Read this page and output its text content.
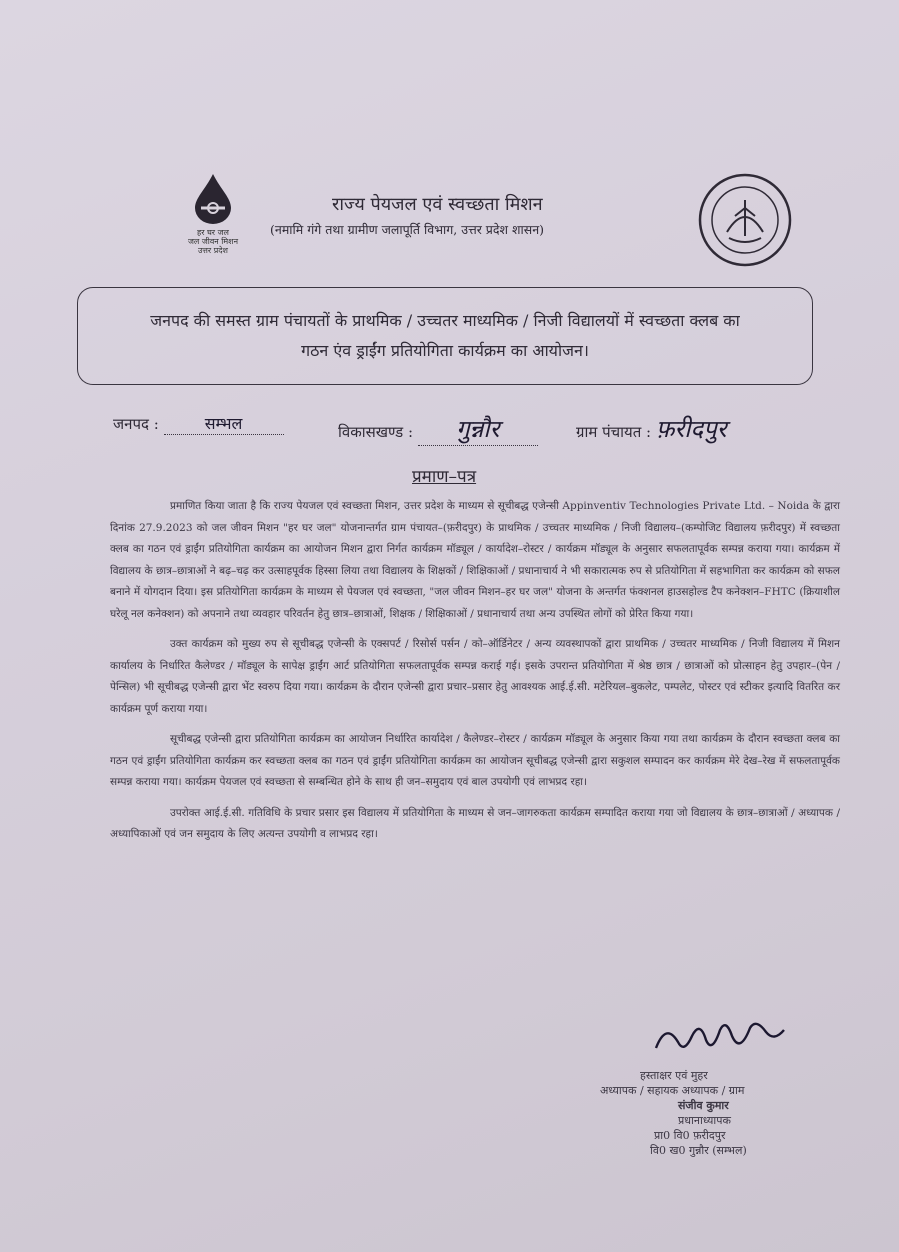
हर घर जल
जल जीवन मिशन
उत्तर प्रदेश
राज्य पेयजल एवं स्वच्छता मिशन
(नमामि गंगे तथा ग्रामीण जलापूर्ति विभाग, उत्तर प्रदेश शासन)
जनपद की समस्त ग्राम पंचायतों के प्राथमिक / उच्चतर माध्यमिक / निजी विद्यालयों में स्वच्छता क्लब का
गठन एंव ड्राईंग प्रतियोगिता कार्यक्रम का आयोजन।
जनपद :	सम्भल	विकासखण्ड : गुन्नौर	ग्राम पंचायत : फ़रीदपुर
प्रमाण–पत्र

प्रमाणित किया जाता है कि राज्य पेयजल एवं स्वच्छता मिशन, उत्तर प्रदेश के माध्यम से सूचीबद्ध एजेन्सी Appinventiv Technologies Private Ltd. – Noida के द्वारा दिनांक 27.9.2023 को जल जीवन मिशन "हर घर जल" योजनान्तर्गत ग्राम पंचायत–(फ़रीदपुर) के प्राथमिक / उच्चतर माध्यमिक / निजी विद्यालय–(कम्पोजिट विद्यालय फ़रीदपुर) में स्वच्छता क्लब का गठन एवं ड्राईंग प्रतियोगिता कार्यक्रम का आयोजन मिशन द्वारा निर्गत कार्यक्रम मॉड्यूल / कार्यादेश–रोस्टर / कार्यक्रम मॉड्यूल के अनुसार सफलतापूर्वक सम्पन्न कराया गया। कार्यक्रम में विद्यालय के छात्र–छात्राओं ने बढ़–चढ़ कर उत्साहपूर्वक हिस्सा लिया तथा विद्यालय के शिक्षकों / शिक्षिकाओं / प्रधानाचार्य ने भी सकारात्मक रुप से प्रतियोगिता में सहभागिता कर कार्यक्रम को सफल बनाने में योगदान दिया। इस प्रतियोगिता कार्यक्रम के माध्यम से पेयजल एवं स्वच्छता, "जल जीवन मिशन–हर घर जल" योजना के अन्तर्गत फंक्शनल हाउसहोल्ड टैप कनेक्शन–FHTC (क्रियाशील घरेलू नल कनेक्शन) को अपनाने तथा व्यवहार परिवर्तन हेतु छात्र–छात्राओं, शिक्षक / शिक्षिकाओं / प्रधानाचार्य तथा अन्य उपस्थित लोगों को प्रेरित किया गया।

उक्त कार्यक्रम को मुख्य रुप से सूचीबद्ध एजेन्सी के एक्सपर्ट / रिसोर्स पर्सन / को–ऑर्डिनेटर / अन्य व्यवस्थापकों द्वारा प्राथमिक / उच्चतर माध्यमिक / निजी विद्यालय में मिशन कार्यालय के निर्धारित कैलेण्डर / मॉड्यूल के सापेक्ष ड्राईंग आर्ट प्रतियोगिता सफलतापूर्वक सम्पन्न कराई गई। इसके उपरान्त प्रतियोगिता में श्रेष्ठ छात्र / छात्राओं को प्रोत्साहन हेतु उपहार–(पेन / पेन्सिल) भी सूचीबद्ध एजेन्सी द्वारा भेंट स्वरुप दिया गया। कार्यक्रम के दौरान एजेन्सी द्वारा प्रचार–प्रसार हेतु आवश्यक आई.ई.सी. मटेरियल–बुकलेट, पम्पलेट, पोस्टर एवं स्टीकर इत्यादि वितरित कर कार्यक्रम पूर्ण कराया गया।

सूचीबद्ध एजेन्सी द्वारा प्रतियोगिता कार्यक्रम का आयोजन निर्धारित कार्यादेश / कैलेण्डर–रोस्टर / कार्यक्रम मॉड्यूल के अनुसार किया गया तथा कार्यक्रम के दौरान स्वच्छता क्लब का गठन एवं ड्राईंग प्रतियोगिता कार्यक्रम कर स्वच्छता क्लब का गठन एवं ड्राईंग प्रतियोगिता कार्यक्रम का आयोजन सूचीबद्ध एजेन्सी द्वारा सकुशल सम्पादन कर कार्यक्रम मेरे देख–रेख में सफलतापूर्वक सम्पन्न कराया गया। कार्यक्रम पेयजल एवं स्वच्छता से सम्बन्धित होने के साथ ही जन–समुदाय एवं बाल उपयोगी एवं लाभप्रद रहा।

उपरोक्त आई.ई.सी. गतिविधि के प्रचार प्रसार इस विद्यालय में प्रतियोगिता के माध्यम से जन–जागरुकता कार्यक्रम सम्पादित कराया गया जो विद्यालय के छात्र–छात्राओं / अध्यापक / अध्यापिकाओं एवं जन समुदाय के लिए अत्यन्त उपयोगी व लाभप्रद रहा।

हस्ताक्षर एवं मुहर
अध्यापक / सहायक अध्यापक / ग्राम
संजीव कुमार
प्रधानाध्यापक
प्रा0 वि0 फ़रीदपुर
वि0 ख0 गुन्नौर (सम्भल)
